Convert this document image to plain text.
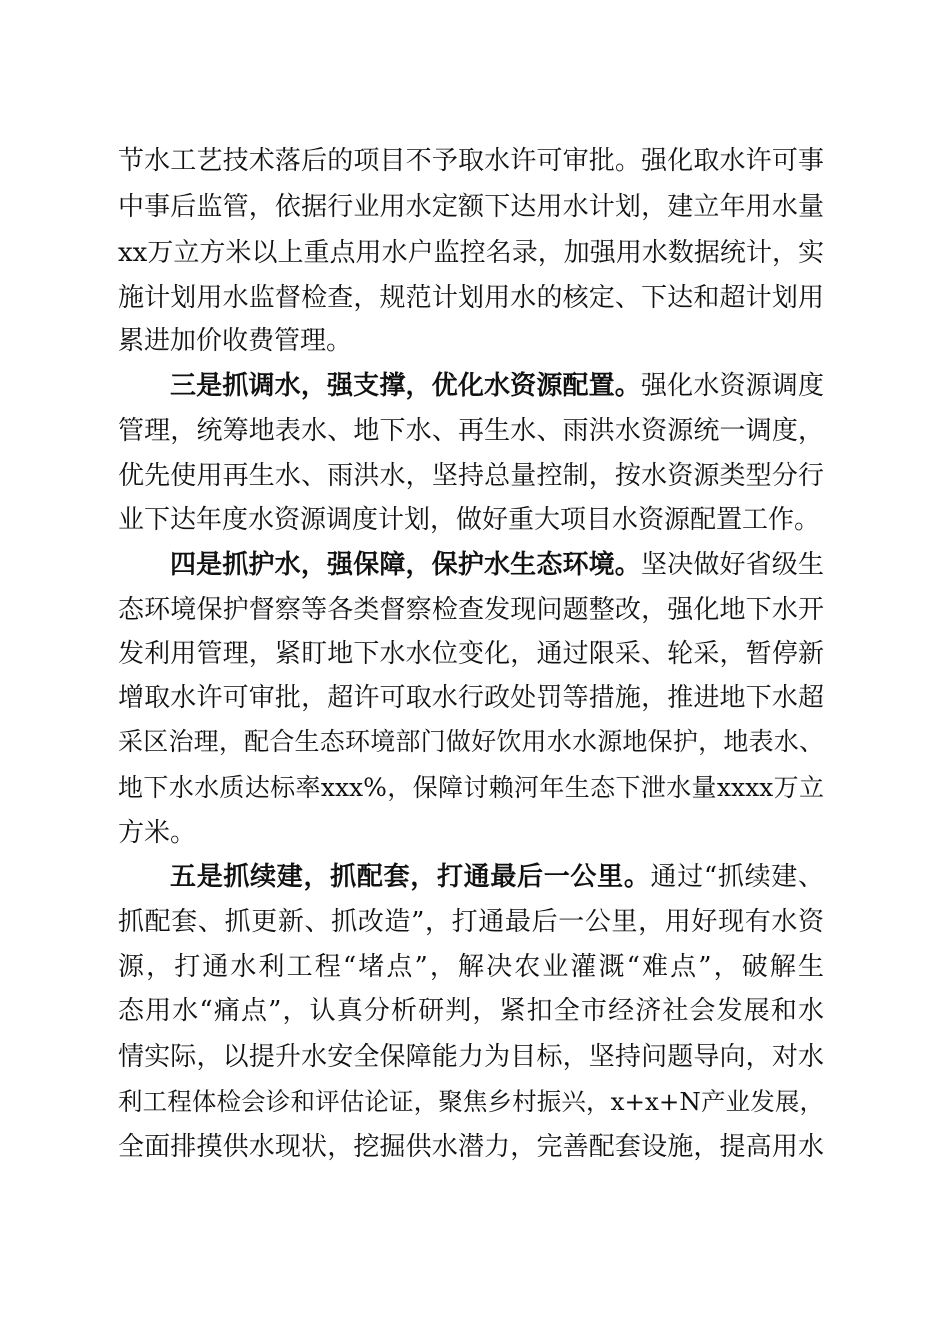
节水工艺技术落后的项目不予取水许可审批。强化取水许可事
中事后监管，依据行业用水定额下达用水计划，建立年用水量
xx万立方米以上重点用水户监控名录，加强用水数据统计，实
施计划用水监督检查，规范计划用水的核定、下达和超计划用
累进加价收费管理。
三是抓调水，强支撑，优化水资源配置。强化水资源调度
管理，统筹地表水、地下水、再生水、雨洪水资源统一调度，
优先使用再生水、雨洪水，坚持总量控制，按水资源类型分行
业下达年度水资源调度计划，做好重大项目水资源配置工作。
四是抓护水，强保障，保护水生态环境。坚决做好省级生
态环境保护督察等各类督察检查发现问题整改，强化地下水开
发利用管理，紧盯地下水水位变化，通过限采、轮采，暂停新
增取水许可审批，超许可取水行政处罚等措施，推进地下水超
采区治理，配合生态环境部门做好饮用水水源地保护，地表水、
地下水水质达标率xxx%，保障讨赖河年生态下泄水量xxxx万立
方米。
五是抓续建，抓配套，打通最后一公里。通过“抓续建、
抓配套、抓更新、抓改造”，打通最后一公里，用好现有水资
源，打通水利工程“堵点”，解决农业灌溉“难点”，破解生
态用水“痛点”，认真分析研判，紧扣全市经济社会发展和水
情实际，以提升水安全保障能力为目标，坚持问题导向，对水
利工程体检会诊和评估论证，聚焦乡村振兴，x+x+N产业发展，
全面排摸供水现状，挖掘供水潜力，完善配套设施，提高用水
